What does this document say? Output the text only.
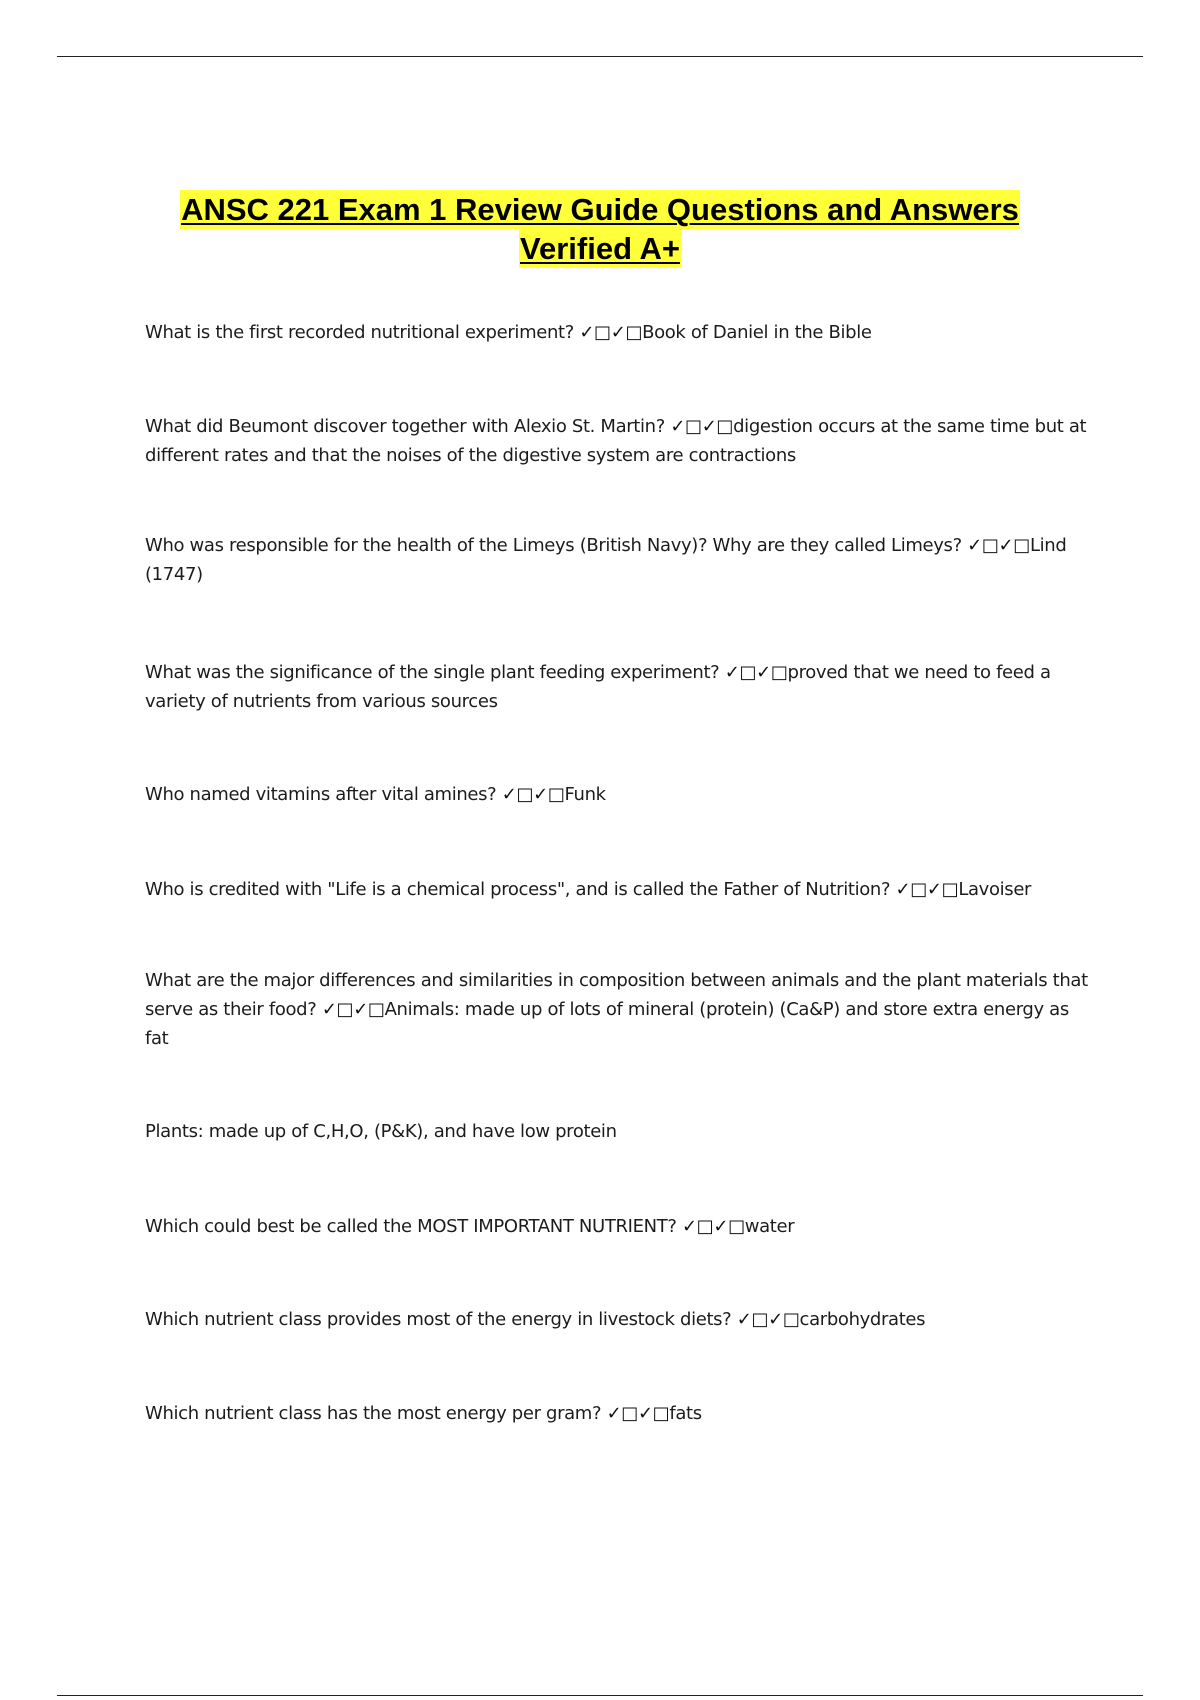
ANSC 221 Exam 1 Review Guide Questions and Answers
Verified A+
What is the first recorded nutritional experiment? ✓□✓□Book of Daniel in the Bible
What did Beumont discover together with Alexio St. Martin? ✓□✓□digestion occurs at the same time but at different rates and that the noises of the digestive system are contractions
Who was responsible for the health of the Limeys (British Navy)? Why are they called Limeys? ✓□✓□Lind (1747)
What was the significance of the single plant feeding experiment? ✓□✓□proved that we need to feed a variety of nutrients from various sources
Who named vitamins after vital amines? ✓□✓□Funk
Who is credited with "Life is a chemical process", and is called the Father of Nutrition? ✓□✓□Lavoiser
What are the major differences and similarities in composition between animals and the plant materials that serve as their food? ✓□✓□Animals: made up of lots of mineral (protein) (Ca&P) and store extra energy as fat
Plants: made up of C,H,O, (P&K), and have low protein
Which could best be called the MOST IMPORTANT NUTRIENT? ✓□✓□water
Which nutrient class provides most of the energy in livestock diets? ✓□✓□carbohydrates
Which nutrient class has the most energy per gram? ✓□✓□fats
